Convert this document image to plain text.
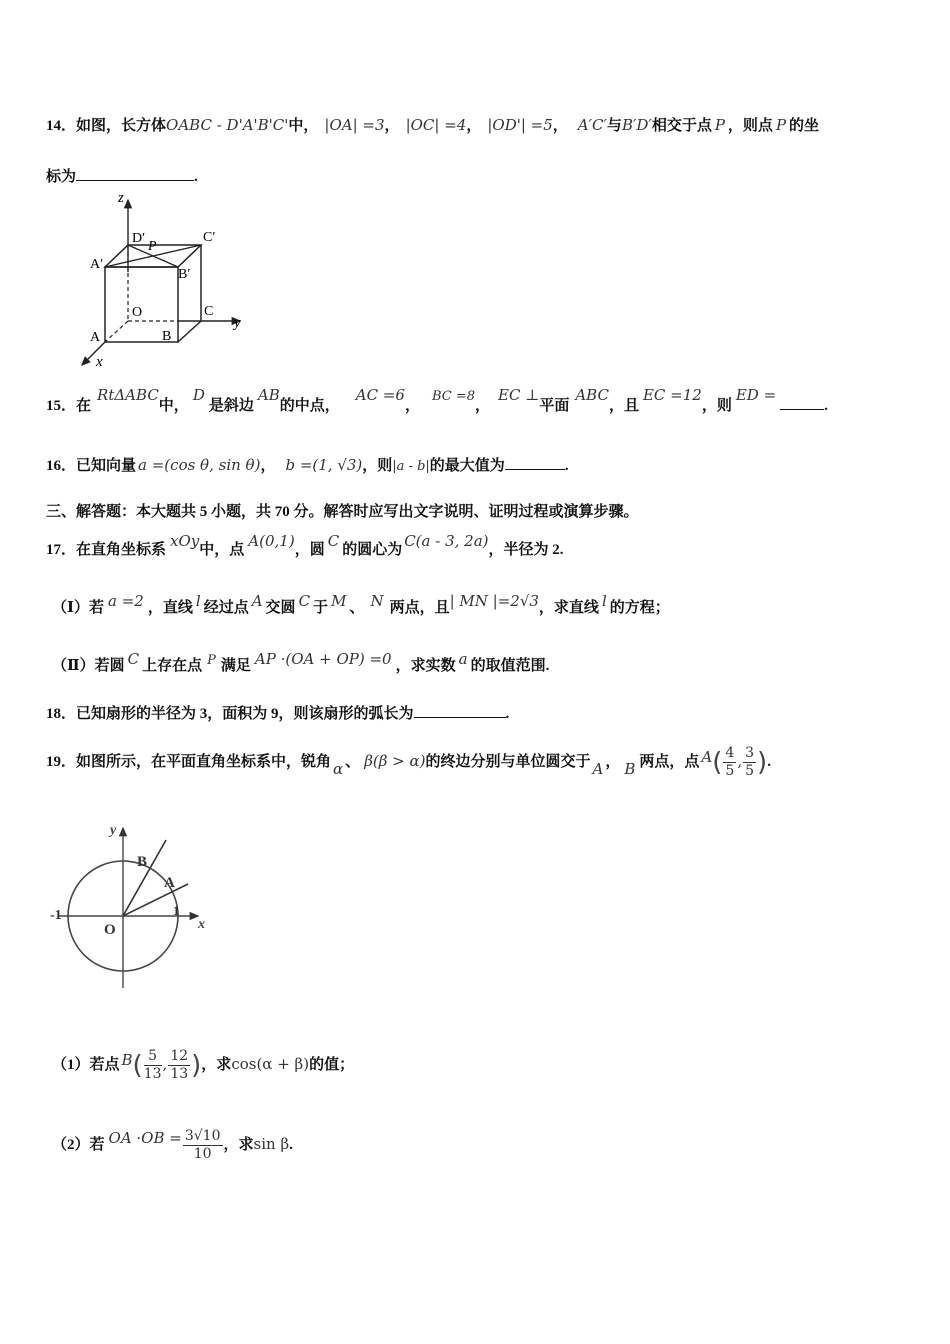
14．如图，长方体OABC - D'A'B'C'中， |OA| =3， |OC| =4， |OD'| =5， A′C′与B′D′相交于点 P ，则点 P 的坐
标为	.
z
y
x
D′
P
C′
A′
B′
O	C
A	B
15．在RtΔABC中，D是斜边AB的中点，AC =6，BC =8，EC ⊥平面ABC，且EC =12，则ED =.
16．已知向量 a =(cos θ, sin θ)， b =(1, √3)，则|a - b|的最大值为	.
三、解答题：本大题共 5 小题，共 70 分。解答时应写出文字说明、证明过程或演算步骤。
17．在直角坐标系 xOy中，点 A(0,1)，圆 C 的圆心为 C(a - 3, 2a)，半径为 2.
（Ⅰ）若 a =2 ，直线 l 经过点 A 交圆 C 于 M 、 N 两点，且| MN |=2√3，求直线 l 的方程；
（Ⅱ）若圆 C 上存在点 P 满足 AP ·(OA + OP) =0 ，求实数 a 的取值范围.
18．已知扇形的半径为 3，面积为 9，则该扇形的弧长为	.
19．如图所示，在平面直角坐标系中，锐角 α 、 β(β > α)的终边分别与单位圆交于 A ， B 两点，点 $A( \frac{4}{5}$ , $\frac{3}{5}$ ).
y
x
B
A
-1	1
O
（1）若点 $B( \frac{5}{13}$ , $\frac{12}{13}$ )，求cos(α + β)的值；
（2）若 OA $\cdot OB = \frac{3√10}{10}$ ，求sin β.
